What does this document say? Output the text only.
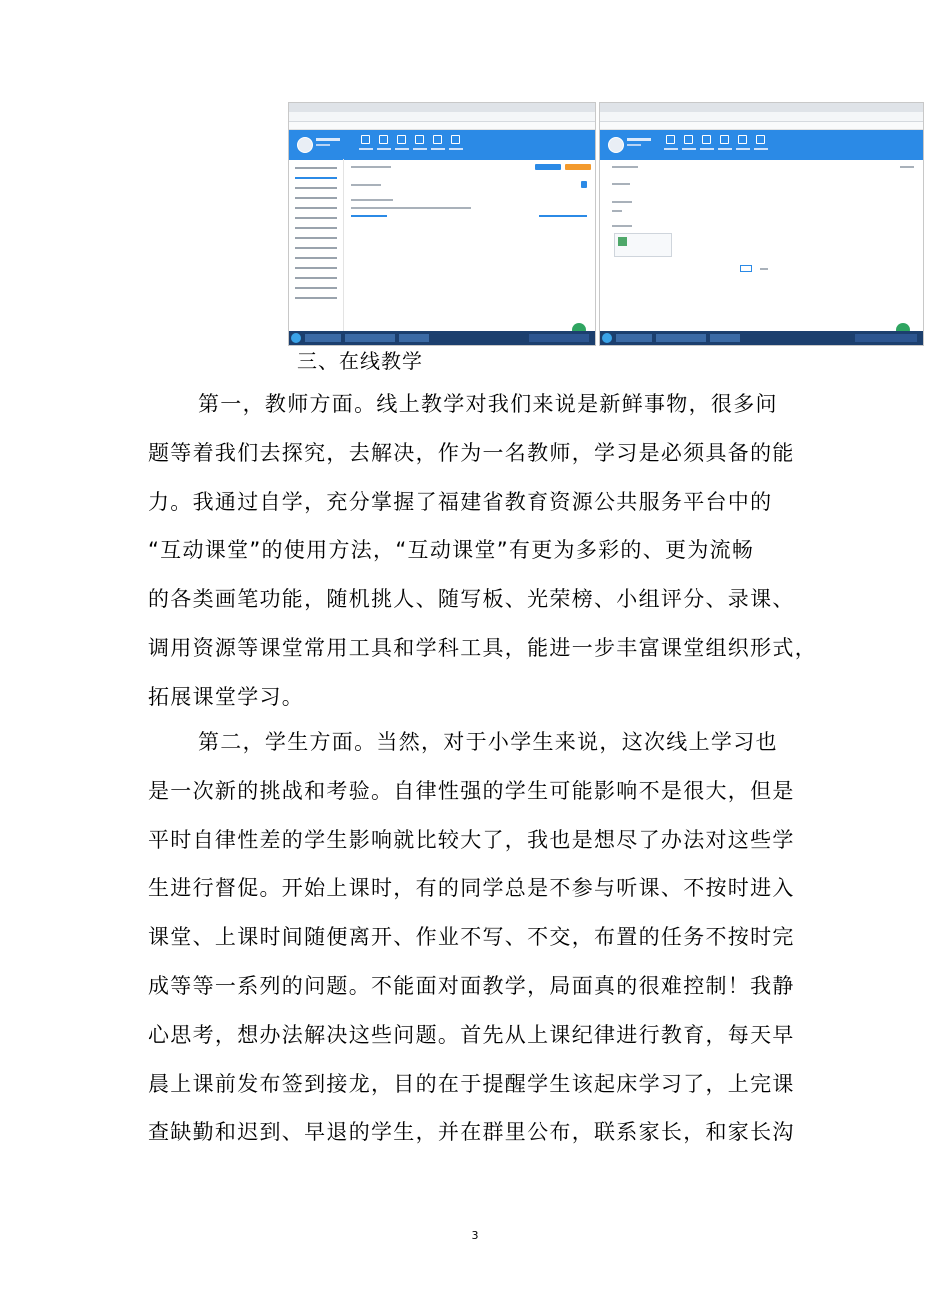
三、在线教学

第一，教师方面。线上教学对我们来说是新鲜事物，很多问

题等着我们去探究，去解决，作为一名教师，学习是必须具备的能

力。我通过自学，充分掌握了福建省教育资源公共服务平台中的

“互动课堂”的使用方法，“互动课堂”有更为多彩的、更为流畅

的各类画笔功能，随机挑人、随写板、光荣榜、小组评分、录课、

调用资源等课堂常用工具和学科工具，能进一步丰富课堂组织形式，

拓展课堂学习。

第二，学生方面。当然，对于小学生来说，这次线上学习也

是一次新的挑战和考验。自律性强的学生可能影响不是很大，但是

平时自律性差的学生影响就比较大了，我也是想尽了办法对这些学

生进行督促。开始上课时，有的同学总是不参与听课、不按时进入

课堂、上课时间随便离开、作业不写、不交，布置的任务不按时完

成等等一系列的问题。不能面对面教学，局面真的很难控制！我静

心思考，想办法解决这些问题。首先从上课纪律进行教育，每天早

晨上课前发布签到接龙，目的在于提醒学生该起床学习了，上完课

查缺勤和迟到、早退的学生，并在群里公布，联系家长，和家长沟

3
